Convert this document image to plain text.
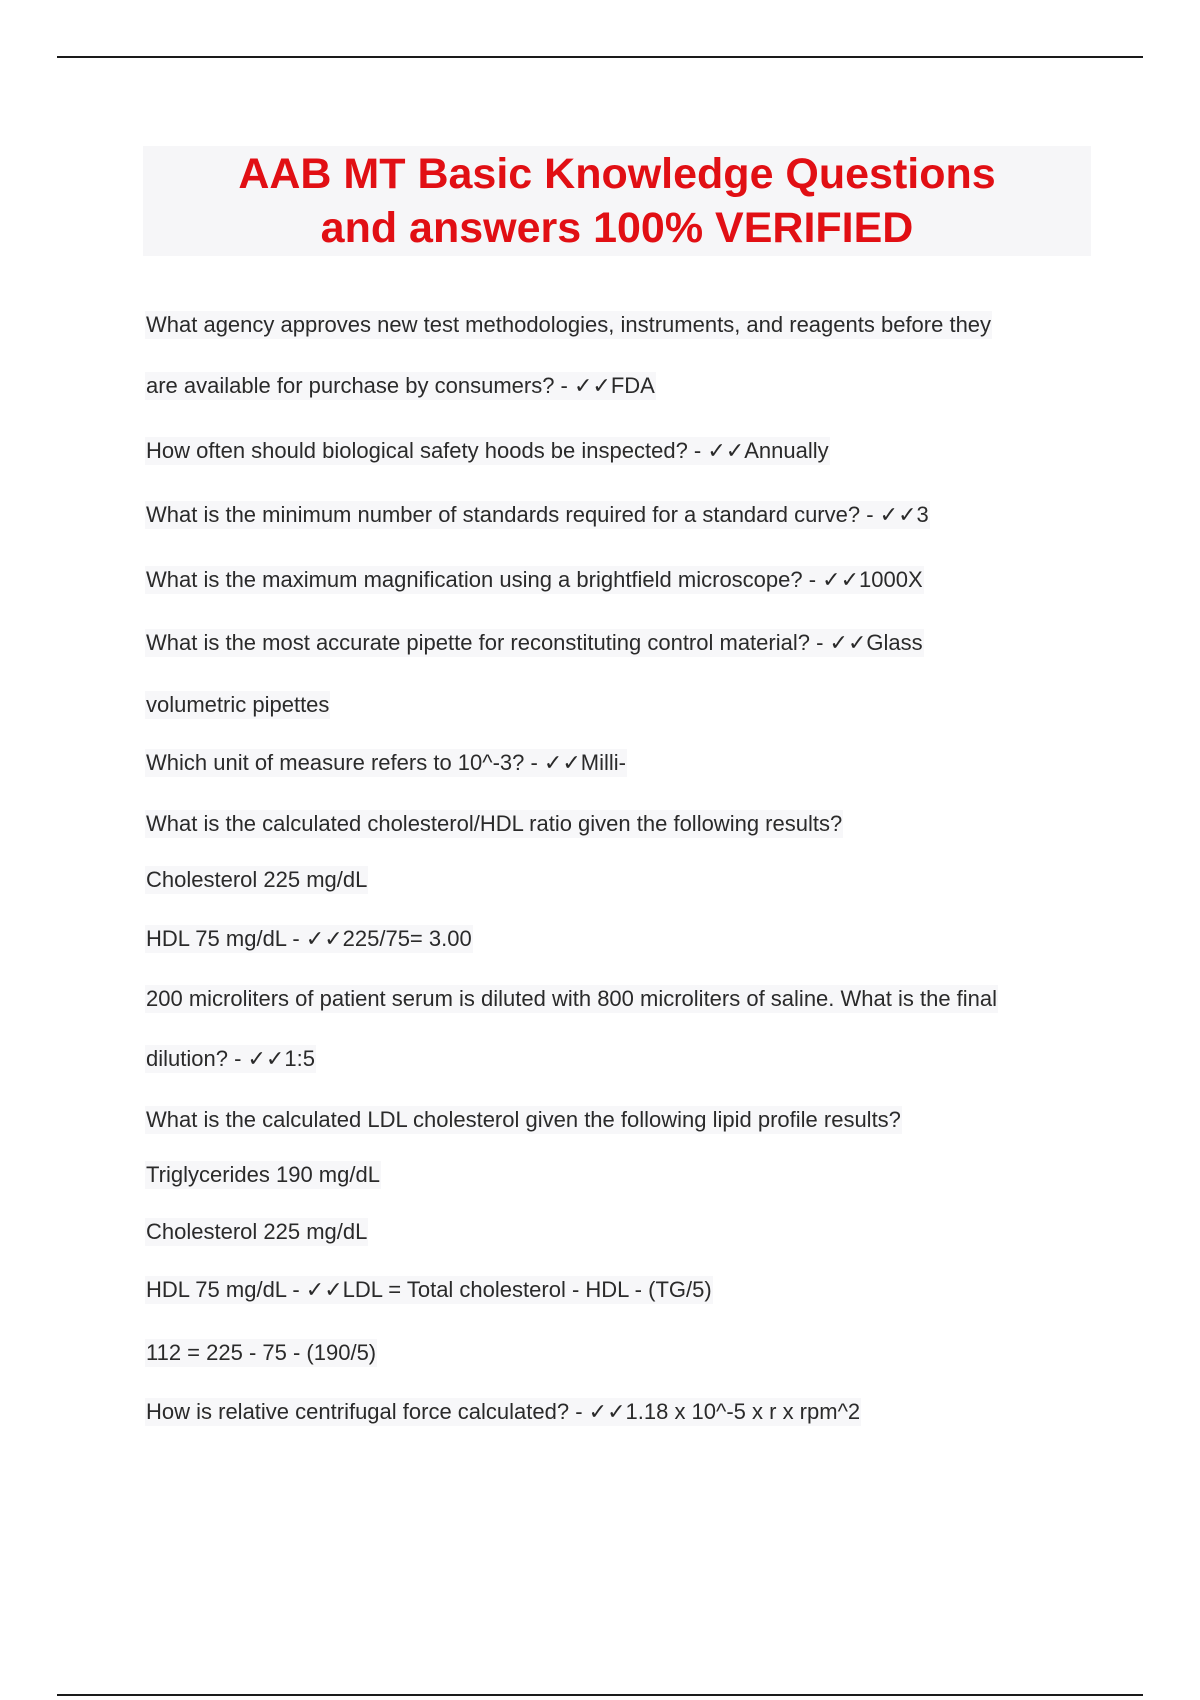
AAB MT Basic Knowledge Questions
and answers 100% VERIFIED
What agency approves new test methodologies, instruments, and reagents before they
are available for purchase by consumers? - ✓✓FDA
How often should biological safety hoods be inspected? - ✓✓Annually
What is the minimum number of standards required for a standard curve? - ✓✓3
What is the maximum magnification using a brightfield microscope? - ✓✓1000X
What is the most accurate pipette for reconstituting control material? - ✓✓Glass
volumetric pipettes
Which unit of measure refers to 10^-3? - ✓✓Milli-
What is the calculated cholesterol/HDL ratio given the following results?
Cholesterol 225 mg/dL
HDL 75 mg/dL - ✓✓225/75= 3.00
200 microliters of patient serum is diluted with 800 microliters of saline. What is the final
dilution? - ✓✓1:5
What is the calculated LDL cholesterol given the following lipid profile results?
Triglycerides 190 mg/dL
Cholesterol 225 mg/dL
HDL 75 mg/dL - ✓✓LDL = Total cholesterol - HDL - (TG/5)
112 = 225 - 75 - (190/5)
How is relative centrifugal force calculated? - ✓✓1.18 x 10^-5 x r x rpm^2
